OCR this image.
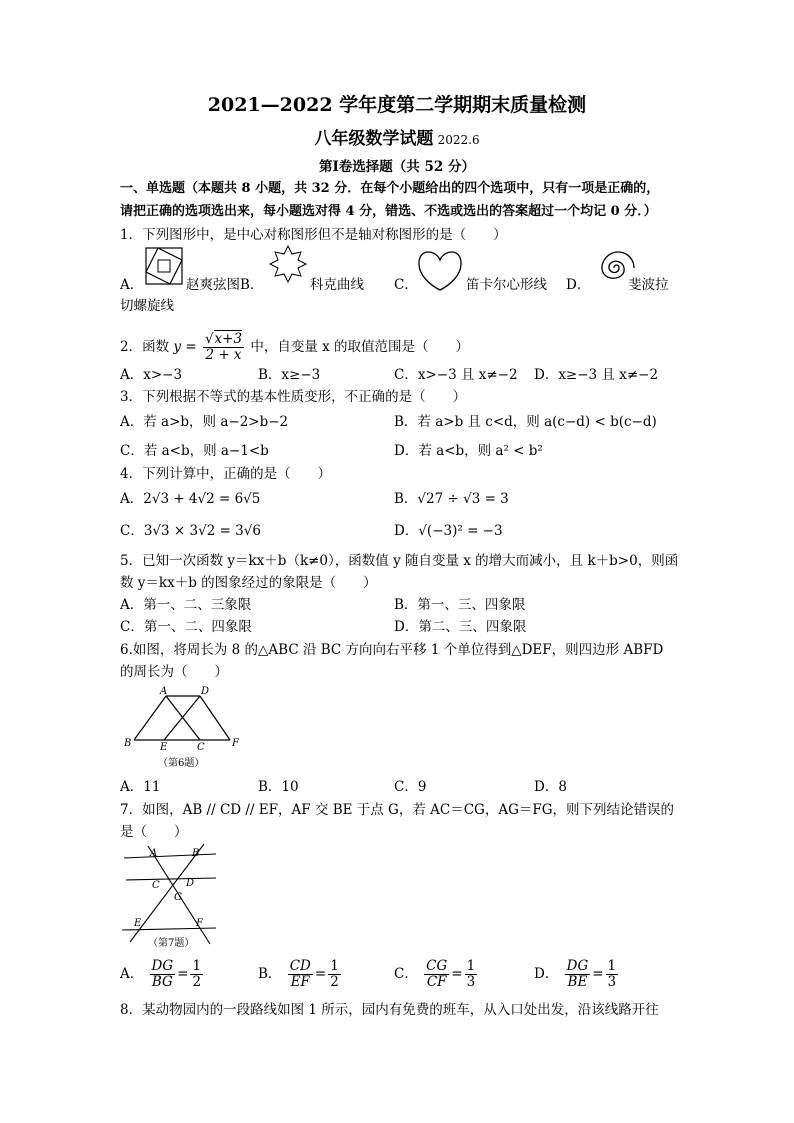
2021—2022 学年度第二学期期末质量检测
八年级数学试题 2022.6
第Ⅰ卷选择题（共 52 分）
一、单选题（本题共 8 小题，共 32 分．在每个小题给出的四个选项中，只有一项是正确的，
请把正确的选项选出来，每小题选对得 4 分，错选、不选或选出的答案超过一个均记 0 分．）
1．下列图形中，是中心对称图形但不是轴对称图形的是（　　）
A．	赵爽弦图B．	科克曲线 C．	笛卡尔心形线 D．	斐波拉
切螺旋线
2．函数 $y = \frac{√x+3}{2 + x}$ 中，自变量 x 的取值范围是（　　）
A．x>−3	B．x≥−3	C．x>−3 且 x≠−2 D．x≥−3 且 x≠−2
3．下列根据不等式的基本性质变形，不正确的是（　　）
A．若 a>b，则 a−2>b−2	B．若 a>b 且 c<d，则 a(c−d) < b(c−d)
C．若 a<b，则 a−1<b	D．若 a<b，则 a² < b²
4．下列计算中，正确的是（　　）
A．2√3 + 4√2 = 6√5	B．√27 ÷ √3 = 3
C．3√3 × 3√2 = 3√6	D．√(−3)² = −3
5．已知一次函数 y＝kx＋b（k≠0），函数值 y 随自变量 x 的增大而减小，且 k＋b>0，则函
数 y＝kx＋b 的图象经过的象限是（　　）
A．第一、二、三象限	B．第一、三、四象限
C．第一、二、四象限	D．第二、三、四象限
6.如图，将周长为 8 的△ABC 沿 BC 方向向右平移 1 个单位得到△DEF，则四边形 ABFD
的周长为（　　）
A	D
B	E	C	F
（第6题）
A．11	B．10	C．9	D．8
7．如图，AB // CD // EF，AF 交 BE 于点 G，若 AC＝CG，AG＝FG，则下列结论错误的
是（　　）
A	B
C	D
G
E	F
（第7题）
A． $\frac{DG}{BG} = \frac{1}{2}$	B． $\frac{CD}{EF} = \frac{1}{2}$	C． $\frac{CG}{CF} = \frac{1}{3}$	D． $\frac{DG}{BE} = \frac{1}{3}$
8．某动物园内的一段路线如图 1 所示，园内有免费的班车，从入口处出发，沿该线路开往
